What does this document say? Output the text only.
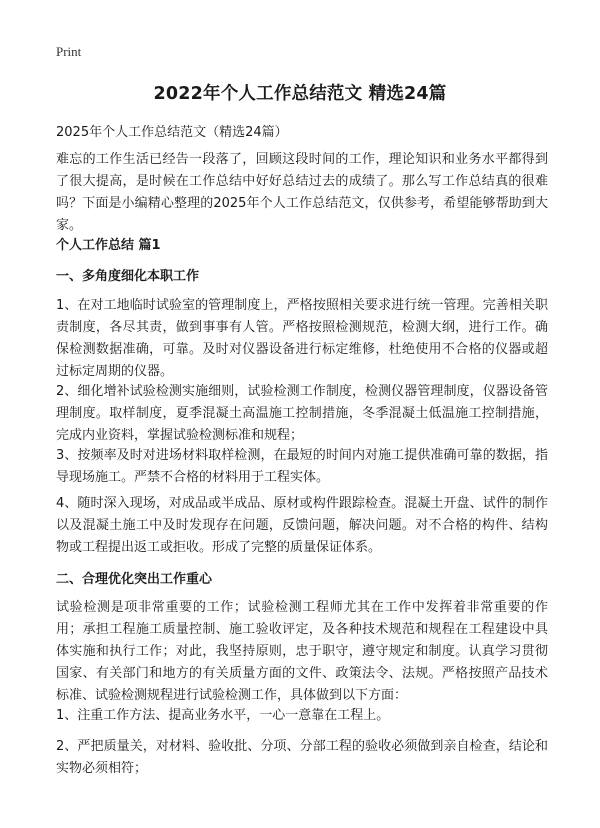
Print
2022年个人工作总结范文 精选24篇
2025年个人工作总结范文（精选24篇）

难忘的工作生活已经告一段落了，回顾这段时间的工作，理论知识和业务水平都得到了很大提高，是时候在工作总结中好好总结过去的成绩了。那么写工作总结真的很难吗？下面是小编精心整理的2025年个人工作总结范文，仅供参考，希望能够帮助到大家。

个人工作总结 篇1
一、多角度细化本职工作

1、在对工地临时试验室的管理制度上，严格按照相关要求进行统一管理。完善相关职责制度，各尽其责，做到事事有人管。严格按照检测规范，检测大纲，进行工作。确保检测数据准确，可靠。及时对仪器设备进行标定维修，杜绝使用不合格的仪器或超过标定周期的仪器。

2、细化增补试验检测实施细则，试验检测工作制度，检测仪器管理制度，仪器设备管理制度。取样制度，夏季混凝土高温施工控制措施，冬季混凝土低温施工控制措施，完成内业资料，掌握试验检测标准和规程；

3、按频率及时对进场材料取样检测，在最短的时间内对施工提供准确可靠的数据，指导现场施工。严禁不合格的材料用于工程实体。

4、随时深入现场，对成品或半成品、原材或构件跟踪检查。混凝土开盘、试件的制作以及混凝土施工中及时发现存在问题，反馈问题，解决问题。对不合格的构件、结构物或工程提出返工或拒收。形成了完整的质量保证体系。

二、合理优化突出工作重心

试验检测是项非常重要的工作；试验检测工程师尤其在工作中发挥着非常重要的作用；承担工程施工质量控制、施工验收评定，及各种技术规范和规程在工程建设中具体实施和执行工作；对此，我坚持原则，忠于职守，遵守规定和制度。认真学习贯彻国家、有关部门和地方的有关质量方面的文件、政策法令、法规。严格按照产品技术标准、试验检测规程进行试验检测工作，具体做到以下方面：

1、注重工作方法、提高业务水平，一心一意靠在工程上。

2、严把质量关，对材料、验收批、分项、分部工程的验收必须做到亲自检查，结论和实物必须相符；
